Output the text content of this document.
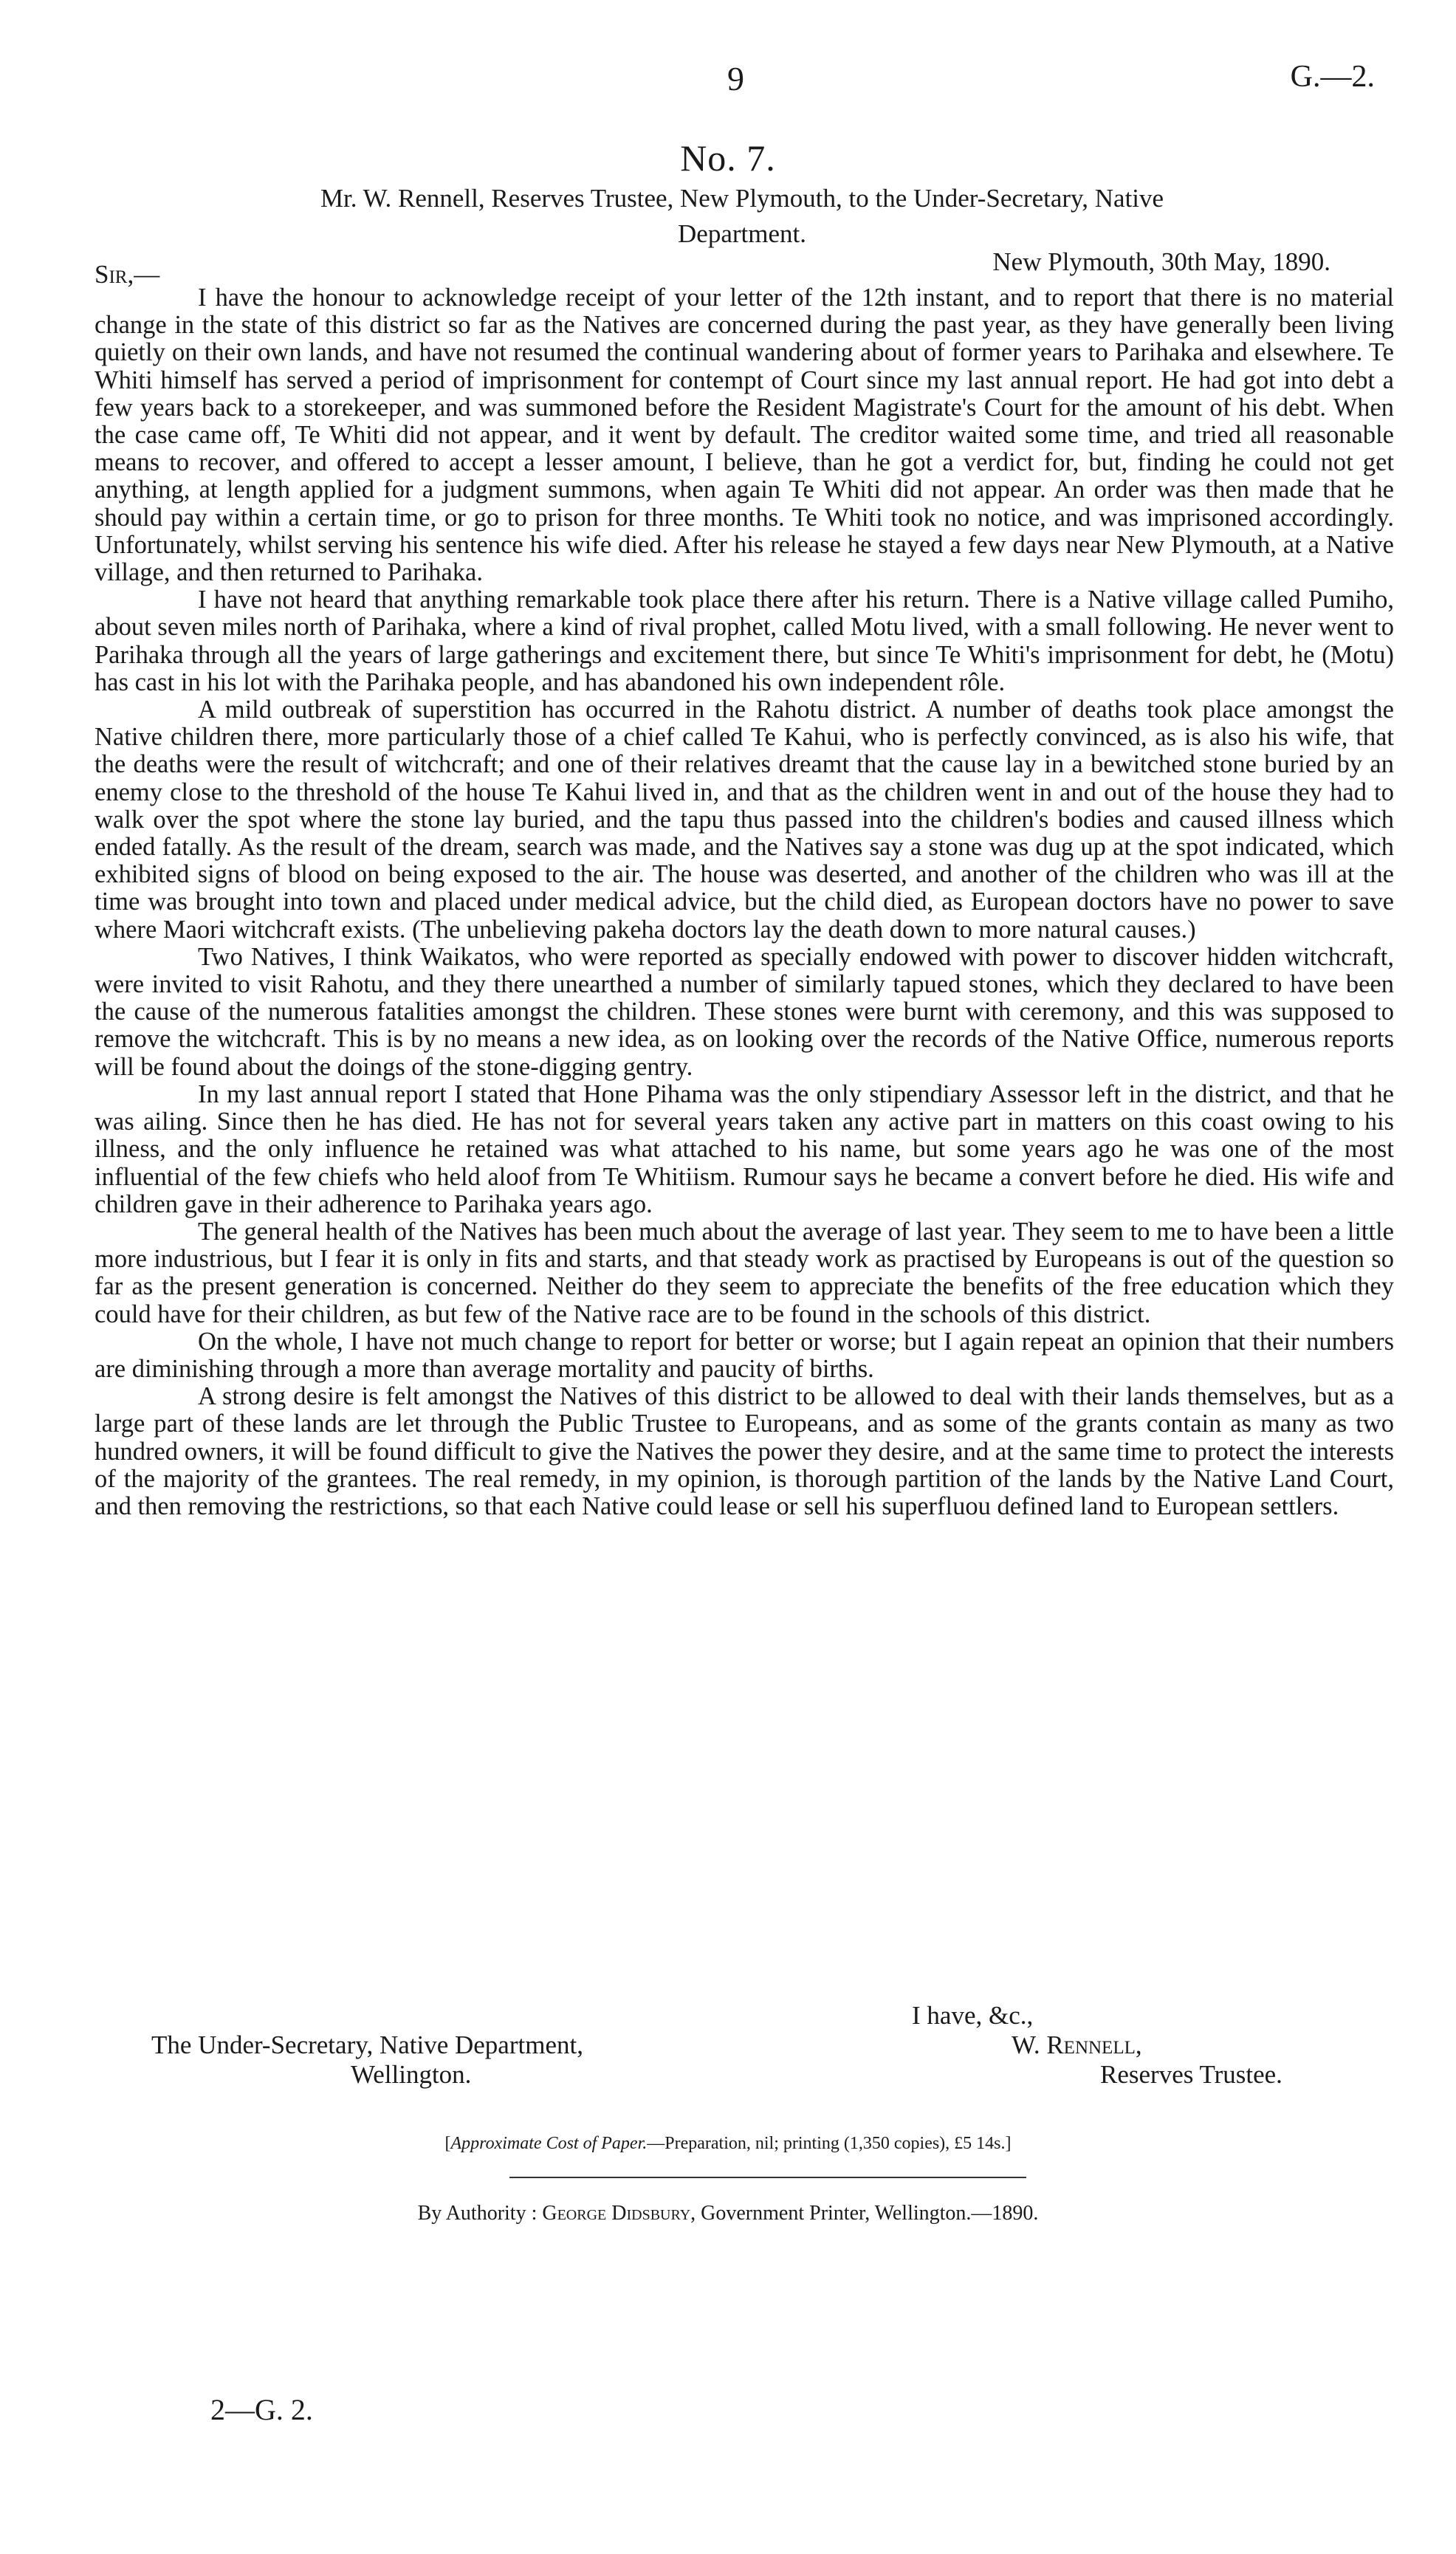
9	G.—2.
No. 7.
Mr. W. Rennell, Reserves Trustee, New Plymouth, to the Under-Secretary, Native
Department.
Sir,—	New Plymouth, 30th May, 1890.

I have the honour to acknowledge receipt of your letter of the 12th instant, and to report that there is no material change in the state of this district so far as the Natives are concerned during the past year, as they have generally been living quietly on their own lands, and have not resumed the continual wandering about of former years to Parihaka and elsewhere. Te Whiti himself has served a period of imprisonment for contempt of Court since my last annual report. He had got into debt a few years back to a storekeeper, and was summoned before the Resident Magistrate's Court for the amount of his debt. When the case came off, Te Whiti did not appear, and it went by default. The creditor waited some time, and tried all reasonable means to recover, and offered to accept a lesser amount, I believe, than he got a verdict for, but, finding he could not get anything, at length applied for a judgment summons, when again Te Whiti did not appear. An order was then made that he should pay within a certain time, or go to prison for three months. Te Whiti took no notice, and was imprisoned accordingly. Unfortunately, whilst serving his sentence his wife died. After his release he stayed a few days near New Plymouth, at a Native village, and then returned to Parihaka.

I have not heard that anything remarkable took place there after his return. There is a Native village called Pumiho, about seven miles north of Parihaka, where a kind of rival prophet, called Motu lived, with a small following. He never went to Parihaka through all the years of large gatherings and excitement there, but since Te Whiti's imprisonment for debt, he (Motu) has cast in his lot with the Parihaka people, and has abandoned his own independent rôle.

A mild outbreak of superstition has occurred in the Rahotu district. A number of deaths took place amongst the Native children there, more particularly those of a chief called Te Kahui, who is perfectly convinced, as is also his wife, that the deaths were the result of witchcraft; and one of their relatives dreamt that the cause lay in a bewitched stone buried by an enemy close to the threshold of the house Te Kahui lived in, and that as the children went in and out of the house they had to walk over the spot where the stone lay buried, and the tapu thus passed into the children's bodies and caused illness which ended fatally. As the result of the dream, search was made, and the Natives say a stone was dug up at the spot indicated, which exhibited signs of blood on being exposed to the air. The house was deserted, and another of the children who was ill at the time was brought into town and placed under medical advice, but the child died, as European doctors have no power to save where Maori witchcraft exists. (The unbelieving pakeha doctors lay the death down to more natural causes.)

Two Natives, I think Waikatos, who were reported as specially endowed with power to discover hidden witchcraft, were invited to visit Rahotu, and they there unearthed a number of similarly tapued stones, which they declared to have been the cause of the numerous fatalities amongst the children. These stones were burnt with ceremony, and this was supposed to remove the witchcraft. This is by no means a new idea, as on looking over the records of the Native Office, numerous reports will be found about the doings of the stone-digging gentry.

In my last annual report I stated that Hone Pihama was the only stipendiary Assessor left in the district, and that he was ailing. Since then he has died. He has not for several years taken any active part in matters on this coast owing to his illness, and the only influence he retained was what attached to his name, but some years ago he was one of the most influential of the few chiefs who held aloof from Te Whitiism. Rumour says he became a convert before he died. His wife and children gave in their adherence to Parihaka years ago.

The general health of the Natives has been much about the average of last year. They seem to me to have been a little more industrious, but I fear it is only in fits and starts, and that steady work as practised by Europeans is out of the question so far as the present generation is concerned. Neither do they seem to appreciate the benefits of the free education which they could have for their children, as but few of the Native race are to be found in the schools of this district.

On the whole, I have not much change to report for better or worse; but I again repeat an opinion that their numbers are diminishing through a more than average mortality and paucity of births.

A strong desire is felt amongst the Natives of this district to be allowed to deal with their lands themselves, but as a large part of these lands are let through the Public Trustee to Europeans, and as some of the grants contain as many as two hundred owners, it will be found difficult to give the Natives the power they desire, and at the same time to protect the interests of the majority of the grantees. The real remedy, in my opinion, is thorough partition of the lands by the Native Land Court, and then removing the restrictions, so that each Native could lease or sell his superfluou defined land to European settlers.

I have, &c.,
W. Rennell,
Reserves Trustee.
The Under-Secretary, Native Department,
Wellington.
[Approximate Cost of Paper.—Preparation, nil; printing (1,350 copies), £5 14s.]
By Authority : George Didsbury, Government Printer, Wellington.—1890.
2—G. 2.
